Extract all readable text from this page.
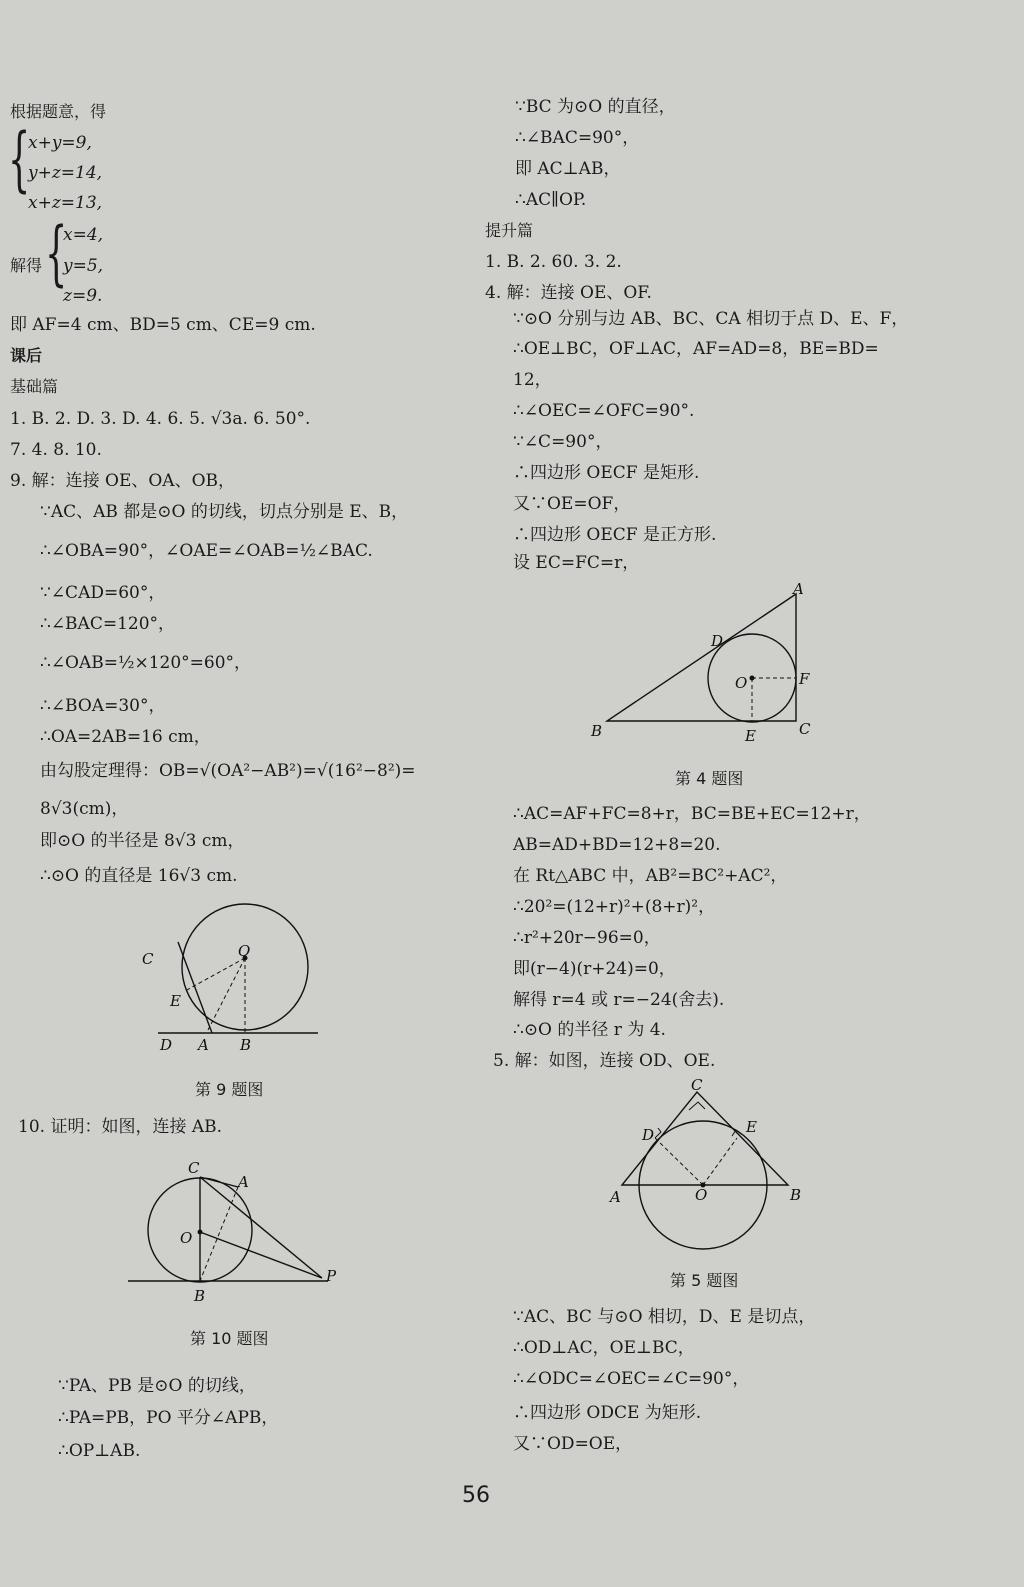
根据题意，得
{
x+y=9,
y+z=14,
x+z=13,
解得 {
x=4,
y=5,
z=9.
即 AF=4 cm、BD=5 cm、CE=9 cm.
课后
基础篇
1. B. 2. D. 3. D. 4. 6. 5. √3a. 6. 50°.
7. 4. 8. 10.
9. 解：连接 OE、OA、OB，
∵AC、AB 都是⊙O 的切线，切点分别是 E、B，
∴∠OBA=90°，∠OAE=∠OAB=½∠BAC.
∵∠CAD=60°，
∴∠BAC=120°，
∴∠OAB=½×120°=60°，
∴∠BOA=30°，
∴OA=2AB=16 cm，
由勾股定理得：OB=√(OA²−AB²)=√(16²−8²)=
8√3(cm)，
即⊙O 的半径是 8√3 cm，
∴⊙O 的直径是 16√3 cm.
C
E
O
D A B
第 9 题图
10. 证明：如图，连接 AB.
C
A
O
B
P
第 10 题图
∵PA、PB 是⊙O 的切线，
∴PA=PB，PO 平分∠APB，
∴OP⊥AB.
∵BC 为⊙O 的直径，
∴∠BAC=90°，
即 AC⊥AB，
∴AC∥OP.
提升篇
1. B. 2. 60. 3. 2.
4. 解：连接 OE、OF.
∵⊙O 分别与边 AB、BC、CA 相切于点 D、E、F，
∴OE⊥BC，OF⊥AC，AF=AD=8，BE=BD=
12，
∴∠OEC=∠OFC=90°.
∵∠C=90°，
∴四边形 OECF 是矩形.
又∵OE=OF，
∴四边形 OECF 是正方形.
设 EC=FC=r，
A
D
O	F
B	E	C
第 4 题图
∴AC=AF+FC=8+r，BC=BE+EC=12+r，
AB=AD+BD=12+8=20.
在 Rt△ABC 中，AB²=BC²+AC²，
∴20²=(12+r)²+(8+r)²，
∴r²+20r−96=0，
即(r−4)(r+24)=0，
解得 r=4 或 r=−24(舍去).
∴⊙O 的半径 r 为 4.
5. 解：如图，连接 OD、OE.
C
D	E
A	O	B
第 5 题图
∵AC、BC 与⊙O 相切，D、E 是切点，
∴OD⊥AC，OE⊥BC，
∴∠ODC=∠OEC=∠C=90°，
∴四边形 ODCE 为矩形.
又∵OD=OE，
56
